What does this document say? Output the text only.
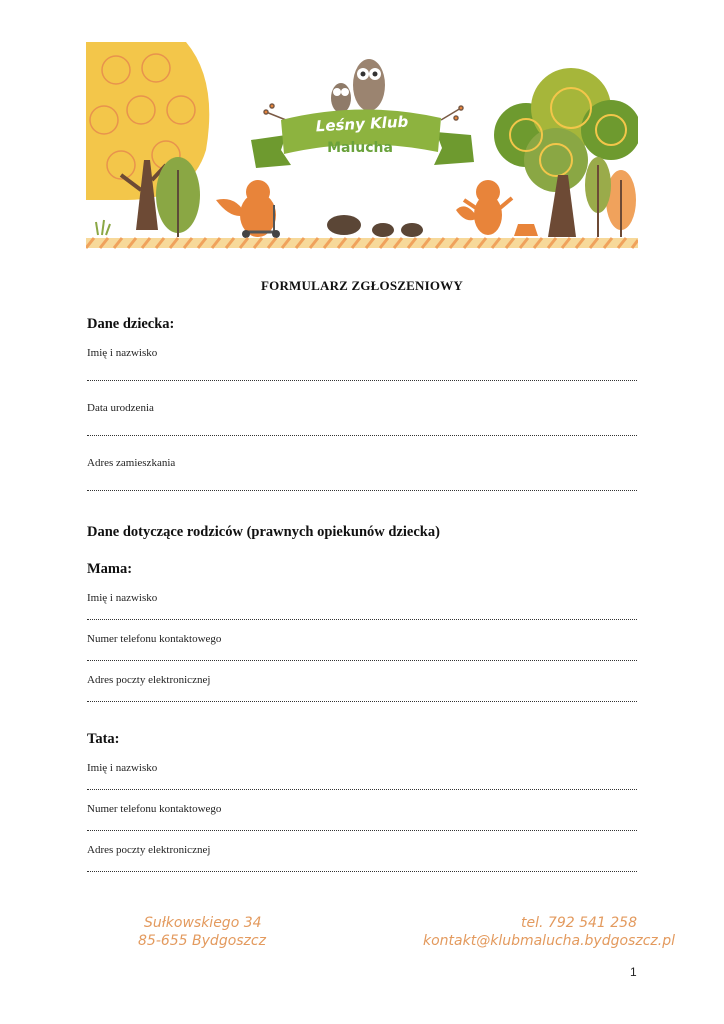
Leśny Klub
Malucha
FORMULARZ ZGŁOSZENIOWY
Dane dziecka:
Imię i nazwisko
Data urodzenia
Adres zamieszkania
Dane dotyczące rodziców (prawnych opiekunów dziecka)
Mama:
Imię i nazwisko
Numer telefonu kontaktowego
Adres poczty elektronicznej
Tata:
Imię i nazwisko
Numer telefonu kontaktowego
Adres poczty elektronicznej
Sułkowskiego 34
85-655 Bydgoszcz
tel. 792 541 258
kontakt@klubmalucha.bydgoszcz.pl
1
